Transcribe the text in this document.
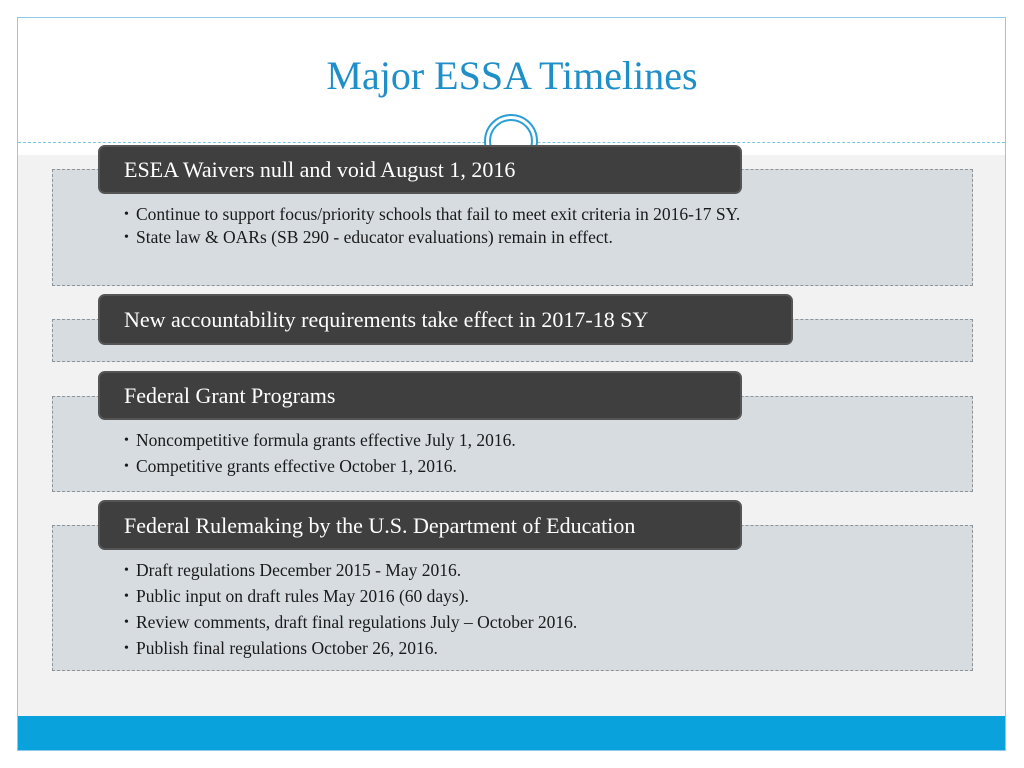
Major ESSA Timelines
ESEA Waivers null and void August 1, 2016
• Continue to support focus/priority schools that fail to meet exit criteria in 2016-17 SY.
• State law & OARs (SB 290 - educator evaluations) remain in effect.
New accountability requirements take effect in 2017-18 SY
Federal Grant Programs
• Noncompetitive formula grants effective July 1, 2016.
• Competitive grants effective October 1, 2016.
Federal Rulemaking by the U.S. Department of Education
• Draft regulations December 2015 - May 2016.
• Public input on draft rules May 2016 (60 days).
• Review comments, draft final regulations July – October 2016.
• Publish final regulations October 26, 2016.
